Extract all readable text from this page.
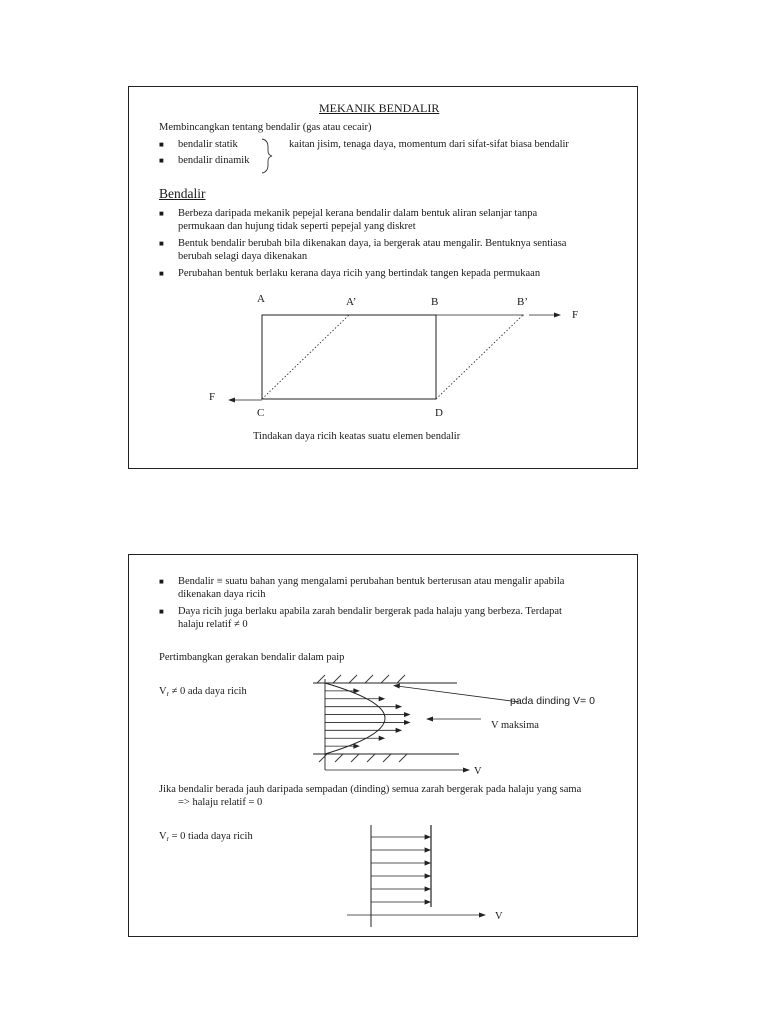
MEKANIK BENDALIR
Membincangkan tentang bendalir (gas atau cecair)
■ bendalir statik
■ bendalir dinamik
kaitan jisim, tenaga daya, momentum dari sifat-sifat biasa bendalir
Bendalir
■ Berbeza daripada mekanik pepejal kerana bendalir dalam bentuk aliran selanjar tanpa
permukaan dan hujung tidak seperti pepejal yang diskret
■ Bentuk bendalir berubah bila dikenakan daya, ia bergerak atau mengalir. Bentuknya sentiasa
berubah selagi daya dikenakan
■ Perubahan bentuk berlaku kerana daya ricih yang bertindak tangen kepada permukaan
A	A’	B	B’
F
F
C	D
Tindakan daya ricih keatas suatu elemen bendalir
■ Bendalir ≡ suatu bahan yang mengalami perubahan bentuk berterusan atau mengalir apabila
dikenakan daya ricih
■ Daya ricih juga berlaku apabila zarah bendalir bergerak pada halaju yang berbeza. Terdapat
halaju relatif ≠ 0
Pertimbangkan gerakan bendalir dalam paip
$V_r \ne 0$ ada daya ricih
pada dinding V= 0
V maksima
V
Jika bendalir berada jauh daripada sempadan (dinding) semua zarah bergerak pada halaju yang sama
=> halaju relatif = 0
$V_r = 0$ tiada daya ricih
V
